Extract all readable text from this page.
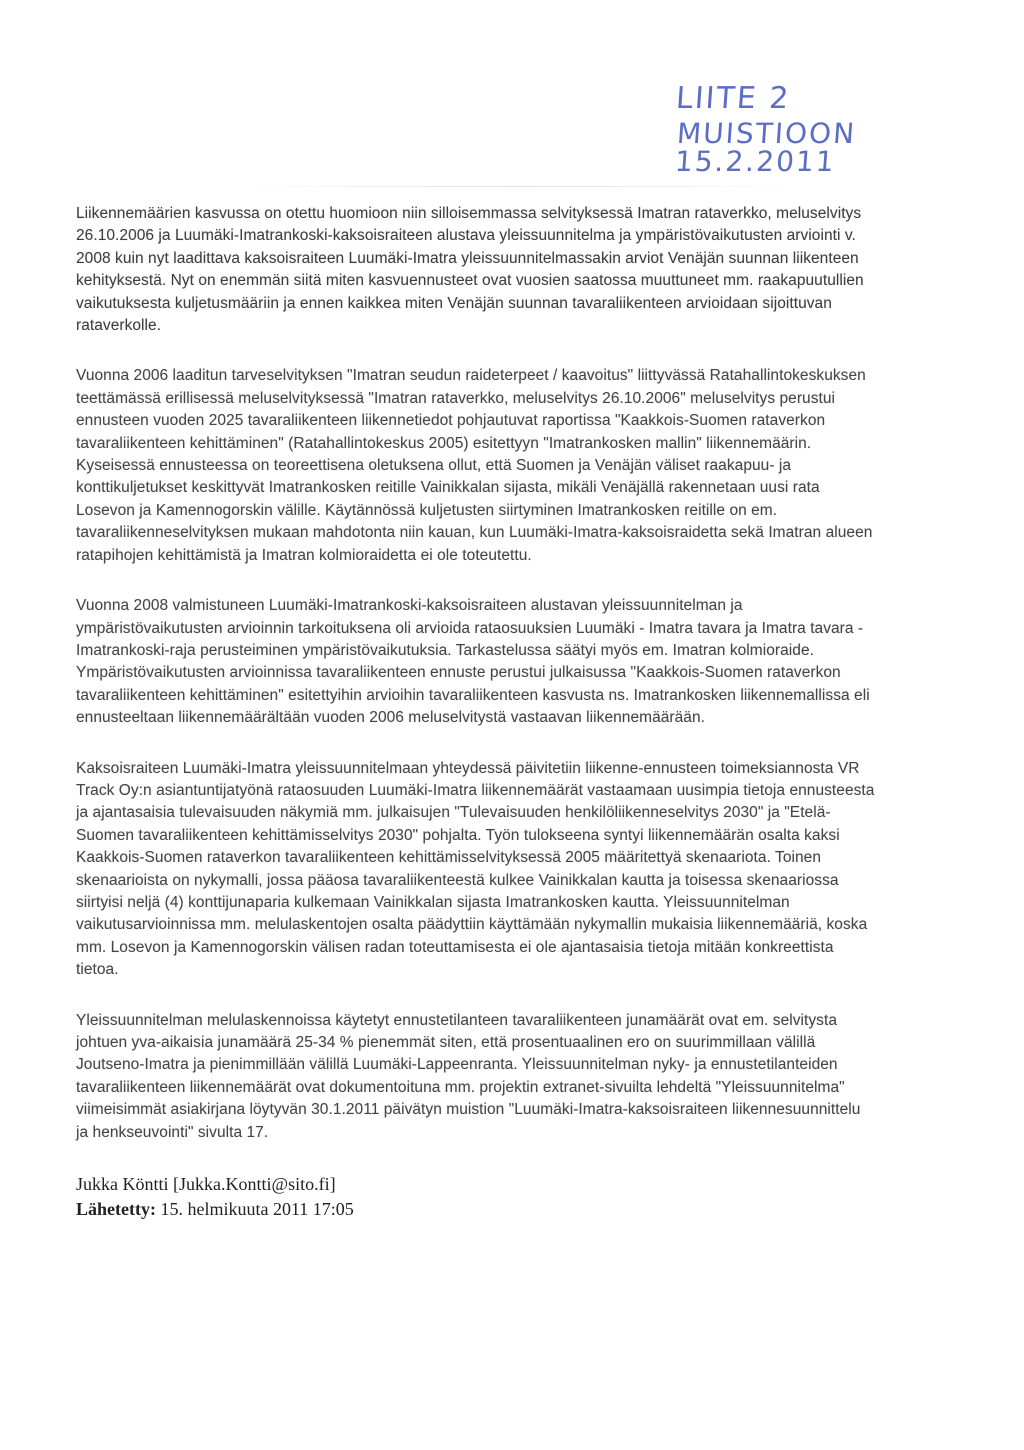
LIITE 2
MUISTIOON 15.2.2011

Liikennemäärien kasvussa on otettu huomioon niin silloisemmassa selvityksessä Imatran rataverkko, meluselvitys 26.10.2006 ja Luumäki-Imatrankoski-kaksoisraiteen alustava yleissuunnitelma ja ympäristövaikutusten arviointi v. 2008 kuin nyt laadittava kaksoisraiteen Luumäki-Imatra yleissuunnitelmassakin arviot Venäjän suunnan liikenteen kehityksestä. Nyt on enemmän siitä miten kasvuennusteet ovat vuosien saatossa muuttuneet mm. raakapuutullien vaikutuksesta kuljetusmääriin ja ennen kaikkea miten Venäjän suunnan tavaraliikenteen arvioidaan sijoittuvan rataverkolle.

Vuonna 2006 laaditun tarveselvityksen "Imatran seudun raideterpeet / kaavoitus" liittyvässä Ratahallintokeskuksen teettämässä erillisessä meluselvityksessä "Imatran rataverkko, meluselvitys 26.10.2006" meluselvitys perustui ennusteen vuoden 2025 tavaraliikenteen liikennetiedot pohjautuvat raportissa "Kaakkois-Suomen rataverkon tavaraliikenteen kehittäminen" (Ratahallintokeskus 2005) esitettyyn "Imatrankosken mallin" liikennemäärin. Kyseisessä ennusteessa on teoreettisena oletuksena ollut, että Suomen ja Venäjän väliset raakapuu- ja konttikuljetukset keskittyvät Imatrankosken reitille Vainikkalan sijasta, mikäli Venäjällä rakennetaan uusi rata Losevon ja Kamennogorskin välille. Käytännössä kuljetusten siirtyminen Imatrankosken reitille on em. tavaraliikenneselvityksen mukaan mahdotonta niin kauan, kun Luumäki-Imatra-kaksoisraidetta sekä Imatran alueen ratapihojen kehittämistä ja Imatran kolmioraidetta ei ole toteutettu.

Vuonna 2008 valmistuneen Luumäki-Imatrankoski-kaksoisraiteen alustavan yleissuunnitelman ja ympäristövaikutusten arvioinnin tarkoituksena oli arvioida rataosuuksien Luumäki - Imatra tavara ja Imatra tavara - Imatrankoski-raja perusteiminen ympäristövaikutuksia. Tarkastelussa säätyi myös em. Imatran kolmioraide. Ympäristövaikutusten arvioinnissa tavaraliikenteen ennuste perustui julkaisussa "Kaakkois-Suomen rataverkon tavaraliikenteen kehittäminen" esitettyihin arvioihin tavaraliikenteen kasvusta ns. Imatrankosken liikennemallissa eli ennusteeltaan liikennemäärältään vuoden 2006 meluselvitystä vastaavan liikennemäärään.

Kaksoisraiteen Luumäki-Imatra yleissuunnitelmaan yhteydessä päivitetiin liikenne-ennusteen toimeksiannosta VR Track Oy:n asiantuntijatyönä rataosuuden Luumäki-Imatra liikennemäärät vastaamaan uusimpia tietoja ennusteesta ja ajantasaisia tulevaisuuden näkymiä mm. julkaisujen "Tulevaisuuden henkilöliikenneselvitys 2030" ja "Etelä-Suomen tavaraliikenteen kehittämisselvitys 2030" pohjalta. Työn tulokseena syntyi liikennemäärän osalta kaksi Kaakkois-Suomen rataverkon tavaraliikenteen kehittämisselvityksessä 2005 määritettyä skenaariota. Toinen skenaarioista on nykymalli, jossa pääosa tavaraliikenteestä kulkee Vainikkalan kautta ja toisessa skenaariossa siirtyisi neljä (4) konttijunaparia kulkemaan Vainikkalan sijasta Imatrankosken kautta. Yleissuunnitelman vaikutusarvioinnissa mm. melulaskentojen osalta päädyttiin käyttämään nykymallin mukaisia liikennemääriä, koska mm. Losevon ja Kamennogorskin välisen radan toteuttamisesta ei ole ajantasaisia tietoja mitään konkreettista tietoa.

Yleissuunnitelman melulaskennoissa käytetyt ennustetilanteen tavaraliikenteen junamäärät ovat em. selvitysta johtuen yva-aikaisia junamäärä 25-34 % pienemmät siten, että prosentuaalinen ero on suurimmillaan välillä Joutseno-Imatra ja pienimmillään välillä Luumäki-Lappeenranta. Yleissuunnitelman nyky- ja ennustetilanteiden tavaraliikenteen liikennemäärät ovat dokumentoituna mm. projektin extranet-sivuilta lehdeltä "Yleissuunnitelma" viimeisimmät asiakirjana löytyvän 30.1.2011 päivätyn muistion "Luumäki-Imatra-kaksoisraiteen liikennesuunnittelu ja henkseuvointi" sivulta 17.

Jukka Köntti [Jukka.Kontti@sito.fi]
Lähetetty: 15. helmikuuta 2011 17:05
